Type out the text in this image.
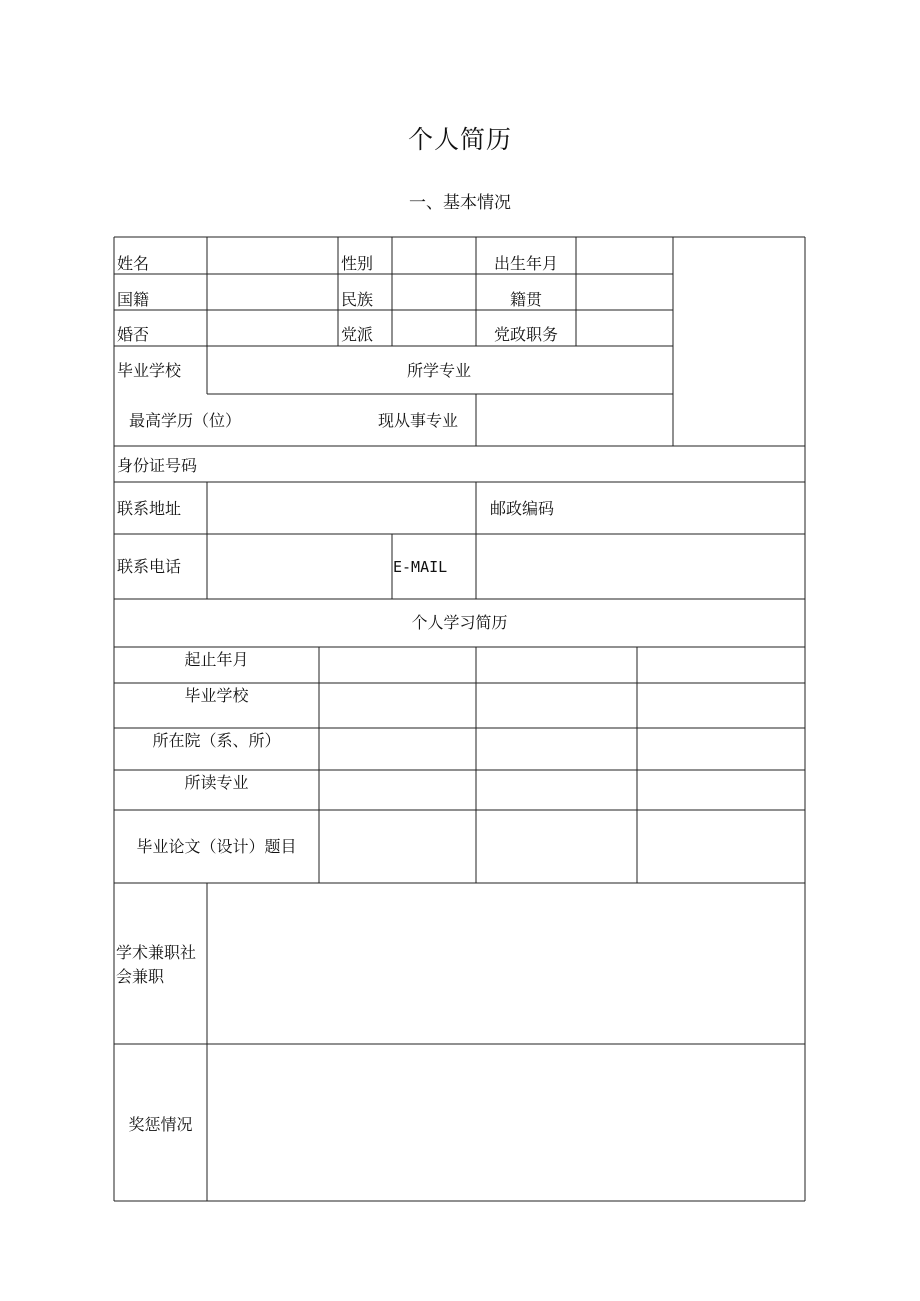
个人简历
一、基本情况
姓名	性别	出生年月
国籍	民族	籍贯
婚否	党派	党政职务
毕业学校	所学专业
最高学历（位）	现从事专业
身份证号码
联系地址	邮政编码
联系电话	E-MAIL
个人学习简历
起止年月
毕业学校
所在院（系、所）
所读专业
毕业论文（设计）题目
学术兼职社会兼职
奖惩情况
